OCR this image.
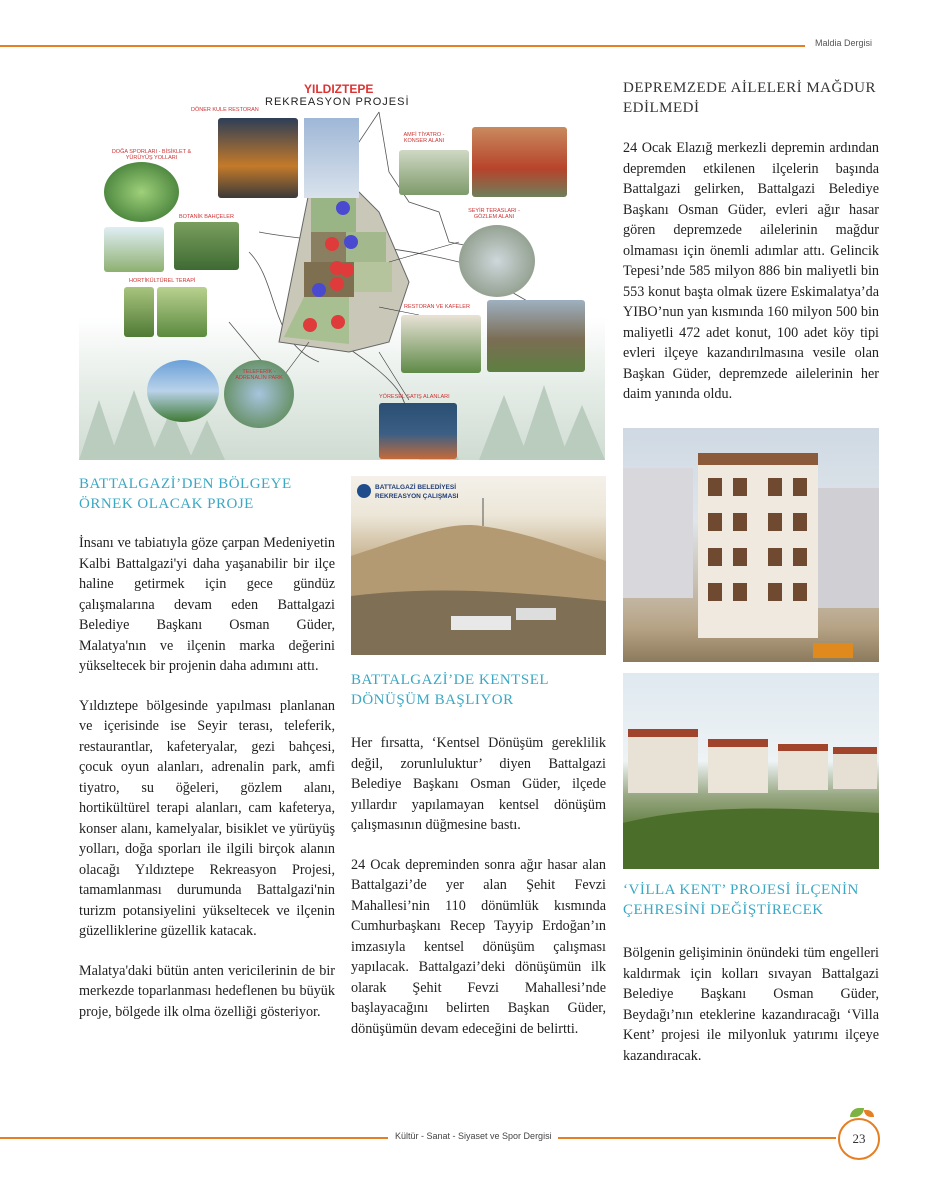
Maldia Dergisi
Kültür - Sanat - Siyaset ve Spor Dergisi	23
YILDIZTEPE
REKREASYON PROJESİ
DÖNER KULE RESTORAN
AMFİ TİYATRO - KONSER ALANI
DOĞA SPORLARI - BİSİKLET & YÜRÜYÜŞ YOLLARI
BOTANİK BAHÇELER
SEYİR TERASLARI - GÖZLEM ALANI
HORTİKÜLTÜREL TERAPİ
RESTORAN VE KAFELER
TELEFERİK - ADRENALİN PARK
YÖRESEL SATIŞ ALANLARI
BATTALGAZİ’DEN BÖLGEYE ÖRNEK OLACAK PROJE

İnsanı ve tabiatıyla göze çarpan Medeniyetin Kalbi Battalgazi'yi daha yaşanabilir bir ilçe haline getirmek için gece gündüz çalışmalarına devam eden Battalgazi Belediye Başkanı Osman Güder, Malatya'nın ve ilçenin marka değerini yükseltecek bir projenin daha adımını attı.

Yıldıztepe bölgesinde yapılması planlanan ve içerisinde ise Seyir terası, teleferik, restaurantlar, kafeteryalar, gezi bahçesi, çocuk oyun alanları, adrenalin park, amfi tiyatro, su öğeleri, gözlem alanı, hortikültürel terapi alanları, cam kafeterya, konser alanı, kamelyalar, bisiklet ve yürüyüş yolları, doğa sporları ile ilgili birçok alanın olacağı Yıldıztepe Rekreasyon Projesi, tamamlanması durumunda Battalgazi'nin turizm potansiyelini yükseltecek ve ilçenin güzelliklerine güzellik katacak.

Malatya'daki bütün anten vericilerinin de bir merkezde toparlanması hedeflenen bu büyük proje, bölgede ilk olma özelliği gösteriyor.

BATTALGAZİ BELEDİYESİ REKREASYON ÇALIŞMASI
BATTALGAZİ’DE KENTSEL DÖNÜŞÜM BAŞLIYOR

Her fırsatta, ‘Kentsel Dönüşüm gereklilik değil, zorunluluktur’ diyen Battalgazi Belediye Başkanı Osman Güder, ilçede yıllardır yapılamayan kentsel dönüşüm çalışmasının düğmesine bastı.

24 Ocak depreminden sonra ağır hasar alan Battalgazi’de yer alan Şehit Fevzi Mahallesi’nin 110 dönümlük kısmında Cumhurbaşkanı Recep Tayyip Erdoğan’ın imzasıyla kentsel dönüşüm çalışması yapılacak. Battalgazi’deki dönüşümün ilk olarak Şehit Fevzi Mahallesi’nde başlayacağını belirten Başkan Güder, dönüşümün devam edeceğini de belirtti.

DEPREMZEDE AİLELERİ MAĞDUR EDİLMEDİ

24 Ocak Elazığ merkezli depremin ardından depremden etkilenen ilçelerin başında Battalgazi gelirken, Battalgazi Belediye Başkanı Osman Güder, evleri ağır hasar gören depremzede ailelerinin mağdur olmaması için önemli adımlar attı. Gelincik Tepesi’nde 585 milyon 886 bin maliyetli bin 553 konut başta olmak üzere Eskimalatya’da YIBO’nun yan kısmında 160 milyon 500 bin maliyetli 472 adet konut, 100 adet köy tipi evleri ilçeye kazandırılmasına vesile olan Başkan Güder, depremzede ailelerinin her daim yanında oldu.

‘VİLLA KENT’ PROJESİ İLÇENİN ÇEHRESİNİ DEĞİŞTİRECEK

Bölgenin gelişiminin önündeki tüm engelleri kaldırmak için kolları sıvayan Battalgazi Belediye Başkanı Osman Güder, Beydağı’nın eteklerine kazandıracağı ‘Villa Kent’ projesi ile milyonluk yatırımı ilçeye kazandıracak.
